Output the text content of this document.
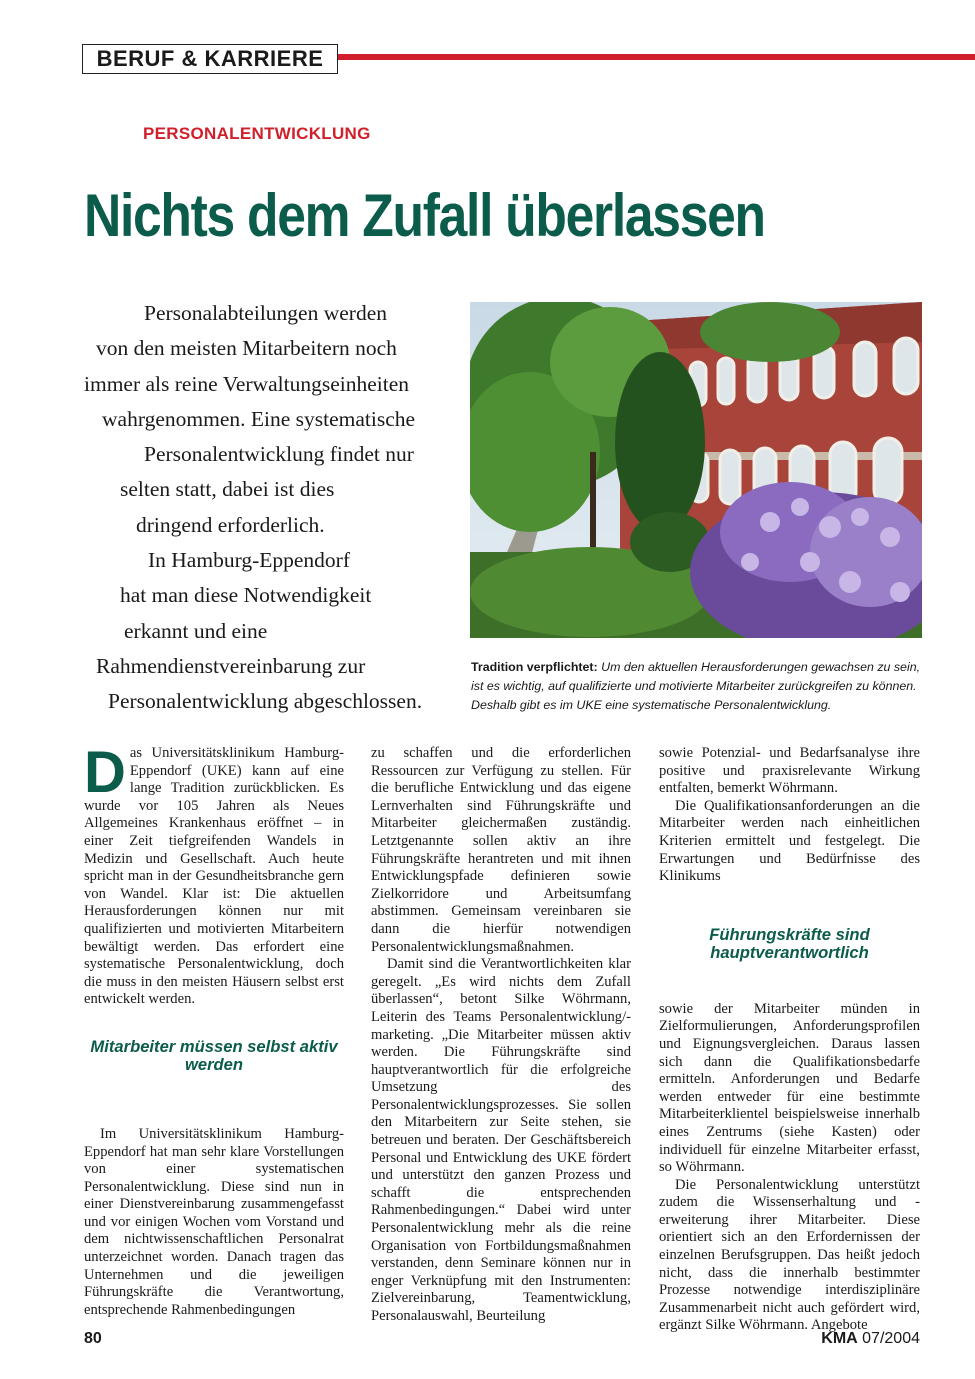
BERUF & KARRIERE
PERSONALENTWICKLUNG
Nichts dem Zufall überlassen
Personalabteilungen werden
von den meisten Mitarbeitern noch
immer als reine Verwaltungseinheiten
wahrgenommen. Eine systematische
Personalentwicklung findet nur
selten statt, dabei ist dies
dringend erforderlich.
In Hamburg-Eppendorf
hat man diese Notwendigkeit
erkannt und eine
Rahmendienstvereinbarung zur
Personalentwicklung abgeschlossen.
Tradition verpflichtet: Um den aktuellen Herausforderungen gewachsen zu sein, ist es wichtig, auf qualifizierte und motivierte Mitarbeiter zurückgreifen zu können. Deshalb gibt es im UKE eine systematische Personalentwicklung.
D as Universitätsklinikum Hamburg-Eppendorf (UKE) kann auf eine lange Tradition zurückblicken. Es wurde vor 105 Jahren als Neues Allgemeines Krankenhaus eröffnet – in einer Zeit tiefgreifenden Wandels in Medizin und Gesellschaft. Auch heute spricht man in der Gesundheitsbranche gern von Wandel. Klar ist: Die aktuellen Herausforderungen können nur mit qualifizierten und motivierten Mitarbeitern bewältigt werden. Das erfordert eine systematische Personalentwicklung, doch die muss in den meisten Häusern selbst erst entwickelt werden.

Mitarbeiter müssen selbst aktiv werden

Im Universitätsklinikum Hamburg-Eppendorf hat man sehr klare Vorstellungen von einer systematischen Personalentwicklung. Diese sind nun in einer Dienstvereinbarung zusammengefasst und vor einigen Wochen vom Vorstand und dem nichtwissenschaftlichen Personalrat unterzeichnet worden. Danach tragen das Unternehmen und die jeweiligen Führungskräfte die Verantwortung, entsprechende Rahmenbedingungen

zu schaffen und die erforderlichen Ressourcen zur Verfügung zu stellen. Für die berufliche Entwicklung und das eigene Lernverhalten sind Führungskräfte und Mitarbeiter gleichermaßen zuständig. Letztgenannte sollen aktiv an ihre Führungskräfte herantreten und mit ihnen Entwicklungspfade definieren sowie Zielkorridore und Arbeitsumfang abstimmen. Gemeinsam vereinbaren sie dann die hierfür notwendigen Personalentwicklungsmaßnahmen.

Damit sind die Verantwortlichkeiten klar geregelt. „Es wird nichts dem Zufall überlassen“, betont Silke Wöhrmann, Leiterin des Teams Personalentwicklung/-marketing. „Die Mitarbeiter müssen aktiv werden. Die Führungskräfte sind hauptverantwortlich für die erfolgreiche Umsetzung des Personalentwicklungsprozesses. Sie sollen den Mitarbeitern zur Seite stehen, sie betreuen und beraten. Der Geschäftsbereich Personal und Entwicklung des UKE fördert und unterstützt den ganzen Prozess und schafft die entsprechenden Rahmenbedingungen.“ Dabei wird unter Personalentwicklung mehr als die reine Organisation von Fortbildungsmaßnahmen verstanden, denn Seminare können nur in enger Verknüpfung mit den Instrumenten: Zielvereinbarung, Teamentwicklung, Personalauswahl, Beurteilung

sowie Potenzial- und Bedarfsanalyse ihre positive und praxisrelevante Wirkung entfalten, bemerkt Wöhrmann.

Die Qualifikationsanforderungen an die Mitarbeiter werden nach einheitlichen Kriterien ermittelt und festgelegt. Die Erwartungen und Bedürfnisse des Klinikums

Führungskräfte sind hauptverantwortlich

sowie der Mitarbeiter münden in Zielformulierungen, Anforderungsprofilen und Eignungsvergleichen. Daraus lassen sich dann die Qualifikationsbedarfe ermitteln. Anforderungen und Bedarfe werden entweder für eine bestimmte Mitarbeiterklientel beispielsweise innerhalb eines Zentrums (siehe Kasten) oder individuell für einzelne Mitarbeiter erfasst, so Wöhrmann.

Die Personalentwicklung unterstützt zudem die Wissenserhaltung und -erweiterung ihrer Mitarbeiter. Diese orientiert sich an den Erfordernissen der einzelnen Berufsgruppen. Das heißt jedoch nicht, dass die innerhalb bestimmter Prozesse notwendige interdisziplinäre Zusammenarbeit nicht auch gefördert wird, ergänzt Silke Wöhrmann. Angebote

80	KMA 07/2004
